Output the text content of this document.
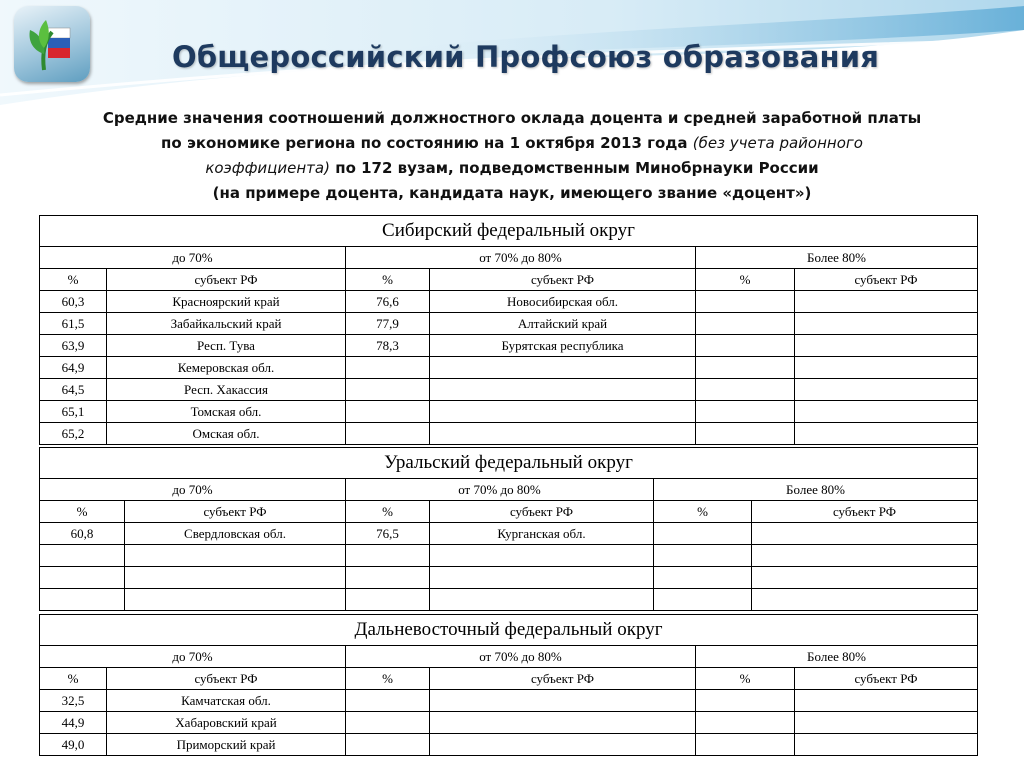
Общероссийский Профсоюз образования
Средние значения соотношений должностного оклада доцента и средней заработной платы
по экономике региона по состоянию на 1 октября 2013 года (без учета районного
коэффициента) по 172 вузам, подведомственным Минобрнауки России
(на примере доцента, кандидата наук, имеющего звание «доцент»)
Сибирский федеральный округ
до 70%	от 70% до 80%	Более 80%
%	субъект РФ	%	субъект РФ	%	субъект РФ
60,3	Красноярский край	76,6	Новосибирская обл.
61,5	Забайкальский край	77,9	Алтайский край
63,9	Респ. Тува	78,3	Бурятская республика
64,9	Кемеровская обл.
64,5	Респ. Хакассия
65,1	Томская обл.
65,2	Омская обл.
Уральский федеральный округ
до 70%	от 70% до 80%	Более 80%
%	субъект РФ	%	субъект РФ	%	субъект РФ
60,8	Свердловская обл.	76,5	Курганская обл.
Дальневосточный федеральный округ
до 70%	от 70% до 80%	Более 80%
%	субъект РФ	%	субъект РФ	%	субъект РФ
32,5	Камчатская обл.
44,9	Хабаровский край
49,0	Приморский край
